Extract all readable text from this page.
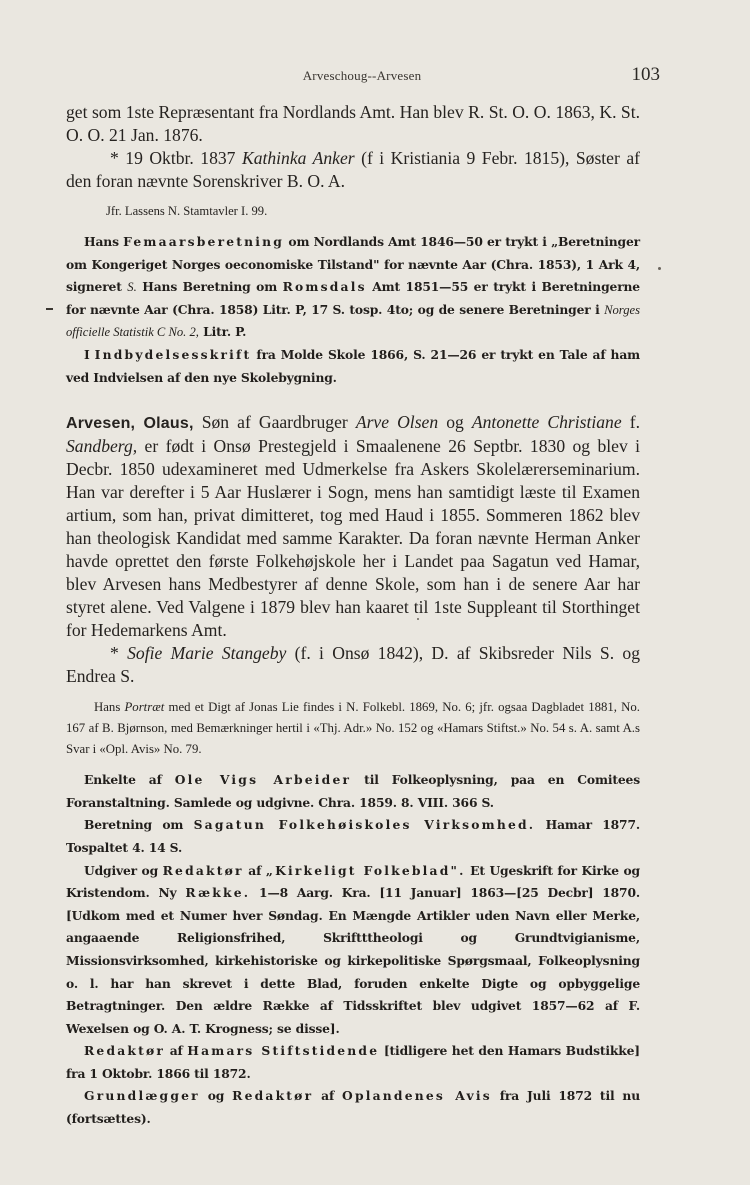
Arveschoug--Arvesen	103

get som 1ste Repræsentant fra Nordlands Amt. Han blev R. St. O. O. 1863, K. St. O. O. 21 Jan. 1876.

* 19 Oktbr. 1837 Kathinka Anker (f i Kristiania 9 Febr. 1815), Søster af den foran nævnte Sorenskriver B. O. A.

Jfr. Lassens N. Stamtavler I. 99.

Hans Femaarsberetning om Nordlands Amt 1846—50 er trykt i „Beretninger om Kongeriget Norges oeconomiske Tilstand" for nævnte Aar (Chra. 1853), 1 Ark 4, signeret S. Hans Beretning om Romsdals Amt 1851—55 er trykt i Beretningerne for nævnte Aar (Chra. 1858) Litr. P, 17 S. tosp. 4to; og de senere Beretninger i Norges officielle Statistik C No. 2, Litr. P.

I Indbydelsesskrift fra Molde Skole 1866, S. 21—26 er trykt en Tale af ham ved Indvielsen af den nye Skolebygning.

Arvesen, Olaus, Søn af Gaardbruger Arve Olsen og Antonette Christiane f. Sandberg, er født i Onsø Prestegjeld i Smaalenene 26 Septbr. 1830 og blev i Decbr. 1850 udexamineret med Udmerkelse fra Askers Skolelærerseminarium. Han var derefter i 5 Aar Huslærer i Sogn, mens han samtidigt læste til Examen artium, som han, privat dimitteret, tog med Haud i 1855. Sommeren 1862 blev han theologisk Kandidat med samme Karakter. Da foran nævnte Herman Anker havde oprettet den første Folkehøjskole her i Landet paa Sagatun ved Hamar, blev Arvesen hans Medbestyrer af denne Skole, som han i de senere Aar har styret alene. Ved Valgene i 1879 blev han kaaret til 1ste Suppleant til Storthinget for Hedemarkens Amt.

* Sofie Marie Stangeby (f. i Onsø 1842), D. af Skibsreder Nils S. og Endrea S.

Hans Portræt med et Digt af Jonas Lie findes i N. Folkebl. 1869, No. 6; jfr. ogsaa Dagbladet 1881, No. 167 af B. Bjørnson, med Bemærkninger hertil i «Thj. Adr.» No. 152 og «Hamars Stiftst.» No. 54 s. A. samt A.s Svar i «Opl. Avis» No. 79.

Enkelte af Ole Vigs Arbeider til Folkeoplysning, paa en Comitees Foranstaltning. Samlede og udgivne. Chra. 1859. 8. VIII. 366 S.

Beretning om Sagatun Folkehøiskoles Virksomhed. Hamar 1877. Tospaltet 4. 14 S.

Udgiver og Redaktør af „Kirkeligt Folkeblad". Et Ugeskrift for Kirke og Kristendom. Ny Række. 1—8 Aarg. Kra. [11 Januar] 1863—[25 Decbr] 1870. [Udkom med et Numer hver Søndag. En Mængde Artikler uden Navn eller Merke, angaaende Religionsfrihed, Skriftttheologi og Grundtvigianisme, Missionsvirksomhed, kirkehistoriske og kirkepolitiske Spørgsmaal, Folkeoplysning o. l. har han skrevet i dette Blad, foruden enkelte Digte og opbyggelige Betragtninger. Den ældre Række af Tidsskriftet blev udgivet 1857—62 af F. Wexelsen og O. A. T. Krogness; se disse].

Redaktør af Hamars Stiftstidende [tidligere het den Hamars Budstikke] fra 1 Oktobr. 1866 til 1872.

Grundlægger og Redaktør af Oplandenes Avis fra Juli 1872 til nu (fortsættes).
